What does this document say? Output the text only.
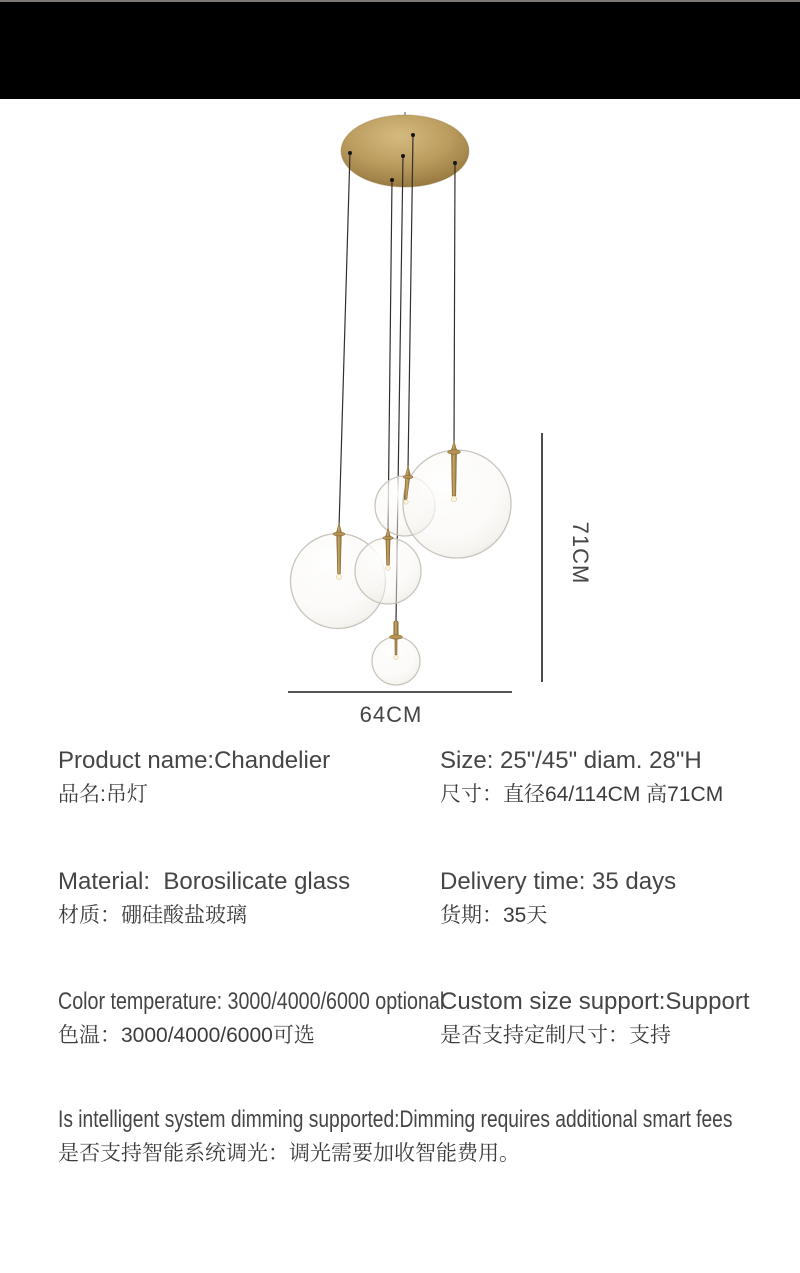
71CM
64CM
Product name:Chandelier
品名:吊灯
Size: 25"/45" diam. 28"H
尺寸：直径64/114CM 高71CM
Material:  Borosilicate glass
材质：硼硅酸盐玻璃
Delivery time: 35 days
货期：35天
Color temperature: 3000/4000/6000 optional
色温：3000/4000/6000可选
Custom size support:Support
是否支持定制尺寸：支持
Is intelligent system dimming supported:Dimming requires additional smart fees
是否支持智能系统调光：调光需要加收智能费用。
